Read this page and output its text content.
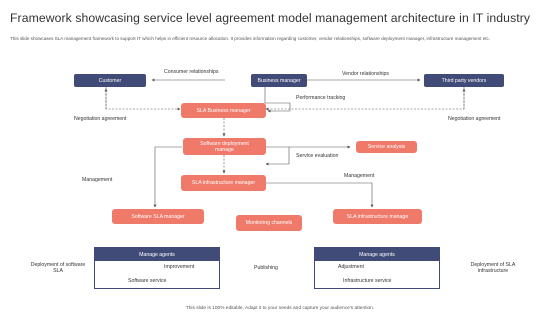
Framework showcasing service level agreement model management architecture in IT industry
This slide showcases SLA management framework to support IT which helps in efficient resource allocation. It provides information regarding customer, vendor relationships, software deployment manager, infrastructure management etc.
Customer	Business manager	Third party vendors
Consumer relationships	Vendor relationships
Performance tracking
Negotiation agreement	Negotiation agreement
SLA Business manager
Software deployment manage	Service analysis
Service evaluation
SLA infrastructure manager
Management
Management
Software SLA manager
Monitoring channels
SLA infrastructure manage
Manage agents
Improvement
Software service
Deployment of software SLA	Publishing
Manage agents
Adjustment
Infrastructure service
Deployment of SLA infrastructure
This slide is 100% editable. Adapt it to your needs and capture your audience's attention.
